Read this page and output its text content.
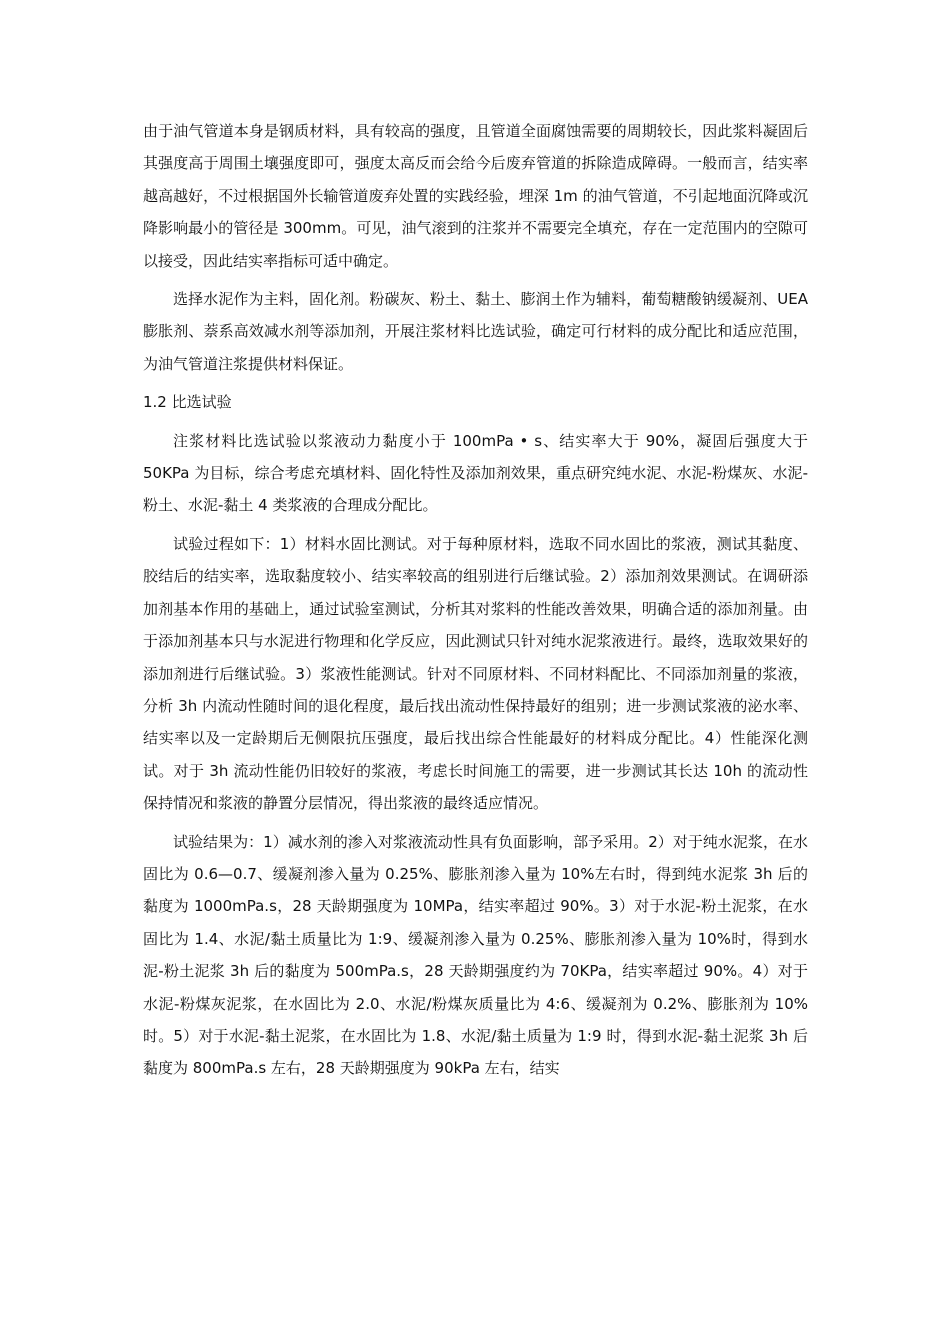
由于油气管道本身是钢质材料，具有较高的强度，且管道全面腐蚀需要的周期较长，因此浆料凝固后其强度高于周围土壤强度即可，强度太高反而会给今后废弃管道的拆除造成障碍。一般而言，结实率越高越好，不过根据国外长输管道废弃处置的实践经验，埋深 1m 的油气管道，不引起地面沉降或沉降影响最小的管径是 300mm。可见，油气滚到的注浆并不需要完全填充，存在一定范围内的空隙可以接受，因此结实率指标可适中确定。

选择水泥作为主料，固化剂。粉碳灰、粉土、黏土、膨润土作为辅料，葡萄糖酸钠缓凝剂、UEA 膨胀剂、萘系高效减水剂等添加剂，开展注浆材料比选试验，确定可行材料的成分配比和适应范围，为油气管道注浆提供材料保证。

1.2 比选试验

注浆材料比选试验以浆液动力黏度小于 100mPa • s、结实率大于 90%，凝固后强度大于 50KPa 为目标，综合考虑充填材料、固化特性及添加剂效果，重点研究纯水泥、水泥-粉煤灰、水泥-粉土、水泥-黏土 4 类浆液的合理成分配比。

试验过程如下：1）材料水固比测试。对于每种原材料，选取不同水固比的浆液，测试其黏度、胶结后的结实率，选取黏度较小、结实率较高的组别进行后继试验。2）添加剂效果测试。在调研添加剂基本作用的基础上，通过试验室测试，分析其对浆料的性能改善效果，明确合适的添加剂量。由于添加剂基本只与水泥进行物理和化学反应，因此测试只针对纯水泥浆液进行。最终，选取效果好的添加剂进行后继试验。3）浆液性能测试。针对不同原材料、不同材料配比、不同添加剂量的浆液，分析 3h 内流动性随时间的退化程度，最后找出流动性保持最好的组别；进一步测试浆液的泌水率、结实率以及一定龄期后无侧限抗压强度，最后找出综合性能最好的材料成分配比。4）性能深化测试。对于 3h 流动性能仍旧较好的浆液，考虑长时间施工的需要，进一步测试其长达 10h 的流动性保持情况和浆液的静置分层情况，得出浆液的最终适应情况。

试验结果为：1）减水剂的渗入对浆液流动性具有负面影响，部予采用。2）对于纯水泥浆，在水固比为 0.6—0.7、缓凝剂渗入量为 0.25%、膨胀剂渗入量为 10%左右时，得到纯水泥浆 3h 后的黏度为 1000mPa.s，28 天龄期强度为 10MPa，结实率超过 90%。3）对于水泥-粉土泥浆，在水固比为 1.4、水泥/黏土质量比为 1:9、缓凝剂渗入量为 0.25%、膨胀剂渗入量为 10%时，得到水泥-粉土泥浆 3h 后的黏度为 500mPa.s，28 天龄期强度约为 70KPa，结实率超过 90%。4）对于水泥-粉煤灰泥浆，在水固比为 2.0、水泥/粉煤灰质量比为 4:6、缓凝剂为 0.2%、膨胀剂为 10%时。5）对于水泥-黏土泥浆，在水固比为 1.8、水泥/黏土质量为 1:9 时，得到水泥-黏土泥浆 3h 后黏度为 800mPa.s 左右，28 天龄期强度为 90kPa 左右，结实
